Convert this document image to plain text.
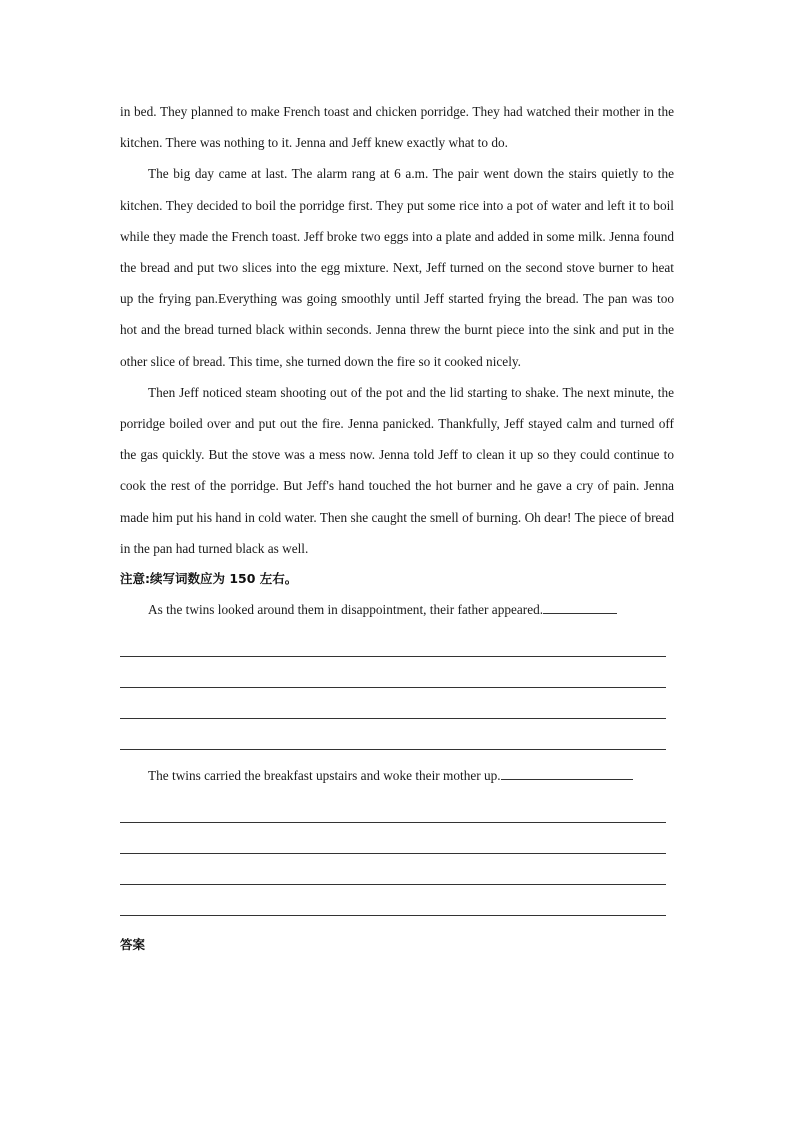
in bed. They planned to make French toast and chicken porridge. They had watched their mother in the kitchen. There was nothing to it. Jenna and Jeff knew exactly what to do.

The big day came at last. The alarm rang at 6 a.m. The pair went down the stairs quietly to the kitchen. They decided to boil the porridge first. They put some rice into a pot of water and left it to boil while they made the French toast. Jeff broke two eggs into a plate and added in some milk. Jenna found the bread and put two slices into the egg mixture. Next, Jeff turned on the second stove burner to heat up the frying pan.Everything was going smoothly until Jeff started frying the bread. The pan was too hot and the bread turned black within seconds. Jenna threw the burnt piece into the sink and put in the other slice of bread. This time, she turned down the fire so it cooked nicely.

Then Jeff noticed steam shooting out of the pot and the lid starting to shake. The next minute, the porridge boiled over and put out the fire. Jenna panicked. Thankfully, Jeff stayed calm and turned off the gas quickly. But the stove was a mess now. Jenna told Jeff to clean it up so they could continue to cook the rest of the porridge. But Jeff's hand touched the hot burner and he gave a cry of pain. Jenna made him put his hand in cold water. Then she caught the smell of burning. Oh dear! The piece of bread in the pan had turned black as well.

注意:续写词数应为 150 左右。

As the twins looked around them in disappointment, their father appeared.

The twins carried the breakfast upstairs and woke their mother up.

答案
